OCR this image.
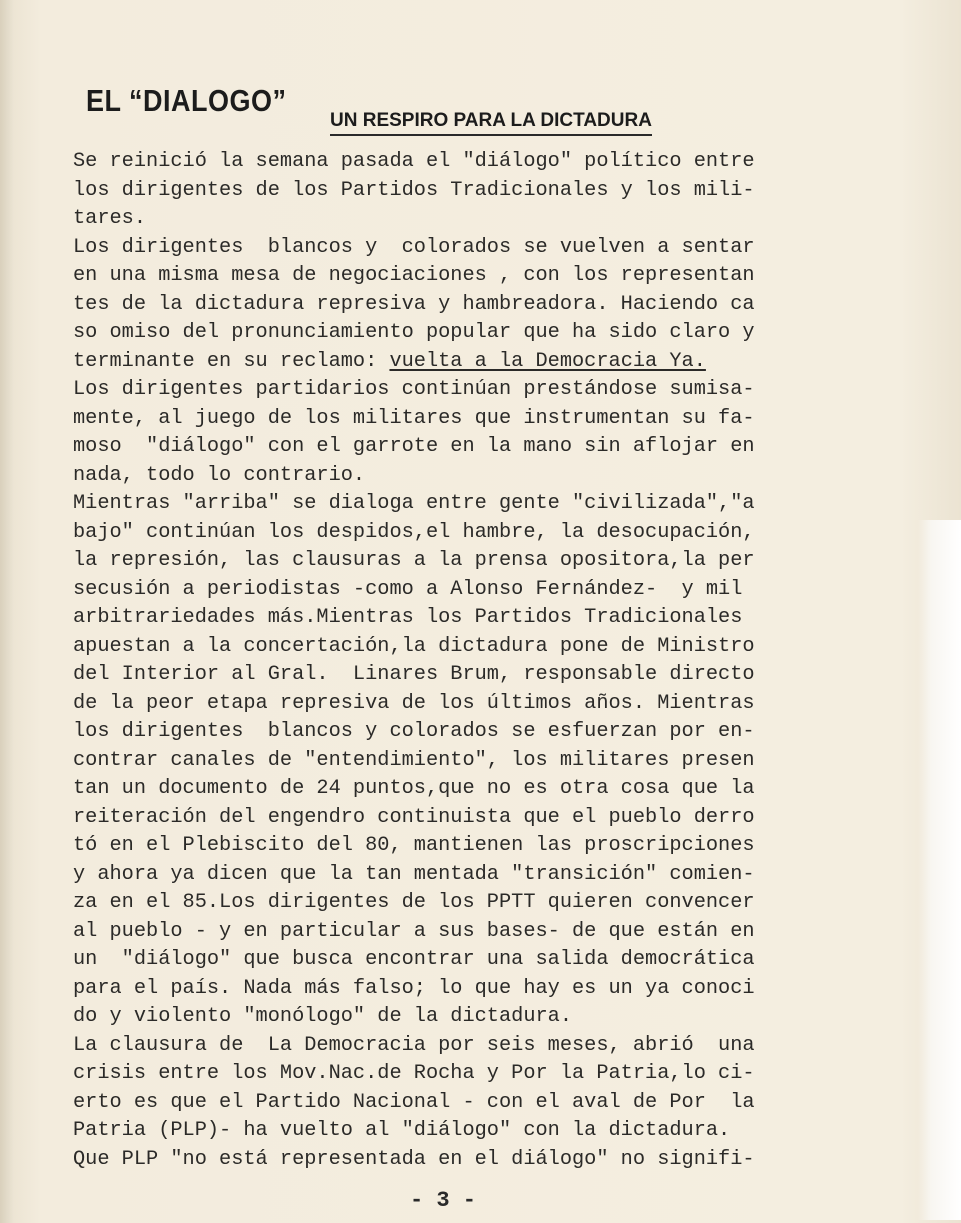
EL “DIALOGO”
UN RESPIRO PARA LA DICTADURA
Se reinició la semana pasada el "diálogo" político entre
los dirigentes de los Partidos Tradicionales y los mili-
tares.
Los dirigentes  blancos y  colorados se vuelven a sentar
en una misma mesa de negociaciones , con los representan
tes de la dictadura represiva y hambreadora. Haciendo ca
so omiso del pronunciamiento popular que ha sido claro y
terminante en su reclamo: vuelta a la Democracia Ya.
Los dirigentes partidarios continúan prestándose sumisa-
mente, al juego de los militares que instrumentan su fa-
moso  "diálogo" con el garrote en la mano sin aflojar en
nada, todo lo contrario.
Mientras "arriba" se dialoga entre gente "civilizada","a
bajo" continúan los despidos,el hambre, la desocupación,
la represión, las clausuras a la prensa opositora,la per
secusión a periodistas -como a Alonso Fernández-  y mil
arbitrariedades más.Mientras los Partidos Tradicionales
apuestan a la concertación,la dictadura pone de Ministro
del Interior al Gral.  Linares Brum, responsable directo
de la peor etapa represiva de los últimos años. Mientras
los dirigentes  blancos y colorados se esfuerzan por en-
contrar canales de "entendimiento", los militares presen
tan un documento de 24 puntos,que no es otra cosa que la
reiteración del engendro continuista que el pueblo derro
tó en el Plebiscito del 80, mantienen las proscripciones
y ahora ya dicen que la tan mentada "transición" comien-
za en el 85.Los dirigentes de los PPTT quieren convencer
al pueblo - y en particular a sus bases- de que están en
un  "diálogo" que busca encontrar una salida democrática
para el país. Nada más falso; lo que hay es un ya conoci
do y violento "monólogo" de la dictadura.
La clausura de  La Democracia por seis meses, abrió  una
crisis entre los Mov.Nac.de Rocha y Por la Patria,lo ci-
erto es que el Partido Nacional - con el aval de Por  la
Patria (PLP)- ha vuelto al "diálogo" con la dictadura.
Que PLP "no está representada en el diálogo" no signifi-

- 3 -
